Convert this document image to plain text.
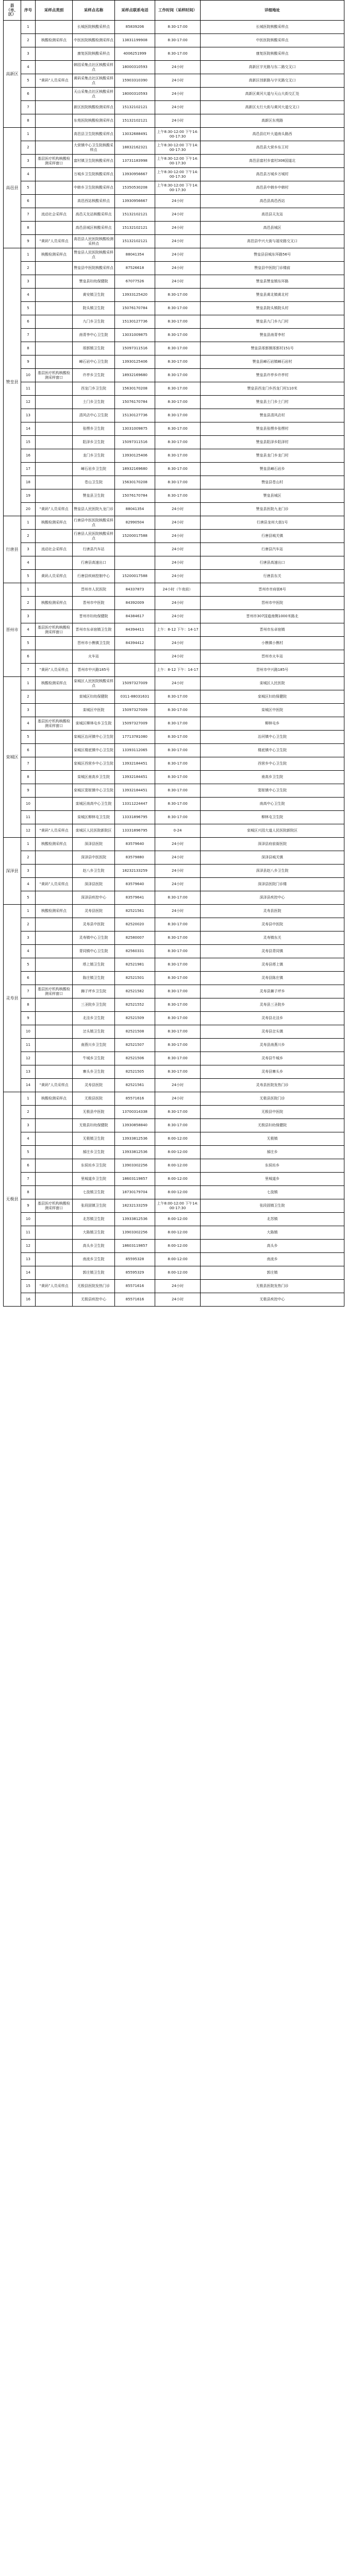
县（市、区）	序号	采样点类别	采样点名称	采样点联系电话	工作时间（采样时间）	详细地址
高新区	1		长城医院核酸采样点	85839206	8:30-17:00	长城医院核酸采样点
	2	核酸检测采样点	中医医院核酸检测采样点	13831199908	8:30-17:00	中医医院核酸采样点
	3		康复医院核酸采样点	4006251999	8:30-17:00	康复医院核酸采样点
	4		韩园采集点社区核酸采样点	18000310593	24小时	高新区宇光路与东二路交叉口
	5	“黄码”人员采样点	黄码采集点社区核酸采样点	15903310390	24小时	高新区创新路与宇光路交叉口
	6		天山采集点社区核酸采样点	18000310593	24小时	高新区黄河大道与天山大街交汇处
	7		新区医院核酸检测采样点	15132102121	24小时	高新区太行大街与黄河大道交叉口
	8		东苑医院核酸检测采样点	15132102121	24小时	高新区东苑路
高邑县	1		高邑县卫生院核酸采样点	13032688491	上午8:30-12:00 下午14:00-17:30	高邑县红叶大道南头路西
	2		大营镇中心卫生院核酸采样点	18832162321	上午8:30-12:00 下午14:00-17:30	高邑县大营乡东王村
	3	基层医疗机构核酸检测采样窗口	富村镇卫生院核酸采样点	13731183998	上午8:30-12:00 下午14:00-17:30	高邑县富村乡富村308国道北
	4		万城乡卫生院核酸采样点	13930956667	上午8:30-12:00 下午14:00-17:30	高邑县万城乡万城村
	5		中韩乡卫生院核酸采样点	15350530208	上午8:30-12:00 下午14:00-17:30	高邑县中韩乡中韩村
	6		高邑西站核酸采样点	13930956667	24小时	高邑县高邑西站
	7	流动社会采样点	高邑天友站核酸采样点	15132102121	24小时	高邑县天友站
	8		高邑县城区核酸采样点	15132102121	24小时	高邑县城区
	9	“黄码”人员采样点	高邑县人民医院核酸检测采样点	15132102121	24小时	高邑县中兴大街与福安路交叉口
赞皇县	1	核酸检测采样点	赞皇县人民医院核酸采样点	88041354	24小时	赞皇县县城东环路56号
	2		赞皇县中医院核酸采样点	87526618	24小时	赞皇县中医院门诊楼前
	3		赞皇县妇幼保健院	67077526	24小时	赞皇县赞皇镇东环路
	4		黄安镇卫生院	13933125420	8:30-17:00	赞皇县黄北镇黄北村
	5		院头镇卫生院	15076170784	8:30-17:00	赞皇县院头镇院头村
	6		九门乡卫生院	15130127736	8:30-17:00	赞皇县九门乡九门村
	7		南青李中心卫生院	13031009875	8:30-17:00	赞皇县南青李村
	8		邢郭镇卫生院	15097311516	8:30-17:00	赞皇县邢郭镇邢郭村151号
	9		嶂石岩中心卫生院	13930125406	8:30-17:00	赞皇县嶂石岩镇嶂石岩村
	10	基层医疗机构核酸检测采样窗口	许亭乡卫生院	18932169680	8:30-17:00	赞皇县许亭乡许亭村
	11		西龙门乡卫生院	15630170208	8:30-17:00	赞皇县西龙门乡西龙门村110米
	12		土门乡卫生院	15076170784	8:30-17:00	赞皇县土门乡土门村
	13		清风店中心卫生院	15130127736	8:30-17:00	赞皇县清风店村
	14		张楞乡卫生院	13031009875	8:30-17:00	赞皇县张楞乡张楞村
	15		阳泽乡卫生院	15097311516	8:30-17:00	赞皇县阳泽乡阳泽村
	16		龙门乡卫生院	13930125406	8:30-17:00	赞皇县龙门乡龙门村
	17		嶂石岩乡卫生院	18932169680	8:30-17:00	赞皇县嶂石岩乡
	18		苍山卫生院	15630170208	8:30-17:00	赞皇县苍山村
	19		赞皇县卫生院	15076170784	8:30-17:00	赞皇县城区
	20	“黄码”人员采样点	赞皇县人民医院九龙门诊	88041354	24小时	赞皇县医院九龙门诊
行唐县	1	核酸检测采样点	行唐县中医医院核酸采样点	82990504	24小时	行唐县龙州大街1号
	2		行唐县人民医院核酸采样点	15200017588	24小时	行唐县城关镇
	3	流动社会采样点	行唐县汽车站		24小时	行唐县汽车站
	4		行唐县高速出口		24小时	行唐县高速出口
	5	黄码人员采样点	行唐县疾病控制中心	15200017588	24小时	行唐县东关
晋州市	1		晋州市人民医院	84337873	24小时（午夜前）	晋州市市府街6号
	2	核酸检测采样点	晋州市中医院	84392009	24小时	晋州市中医院
	3		晋州市妇幼保健院	84384617	24小时	晋州市307国道南侧1000米路北
	4	基层医疗机构核酸检测采样窗口	晋州市东卓宿镇卫生院	84394411	上午：8-12 下午：14-17	晋州市东卓宿镇
	5		晋州市小樵镇卫生院	84394412	24小时	小樵镇小樵村
	6		火车站		24小时	晋州市火车站
	7	“黄码”人员采样点	晋州市中兴路185号		上午：8-12 下午：14-17	晋州市中兴路185号
栾城区	1	核酸检测采样点	栾城区人民医院核酸采样点	15097327009	24小时	栾城区人民医院
	2		栾城区妇幼保健院	0311-88031631	8:30-17:00	栾城区妇幼保健院
	3		栾城区中医院	15097327009	8:30-17:00	栾城区中医院
	4	基层医疗机构核酸检测采样窗口	栾城区柳林屯乡卫生院	15097327009	8:30-17:00	柳林屯乡
	5		栾城区冶河镇中心卫生院	17713781080	8:30-17:00	冶河镇中心卫生院
	6		栾城区楼底镇中心卫生院	13393112065	8:30-17:00	楼底镇中心卫生院
	7		栾城区西营乡中心卫生院	13932184451	8:30-17:00	西营乡中心卫生院
	8		栾城区南高乡卫生院	13932184451	8:30-17:00	南高乡卫生院
	9		栾城区窦妪镇中心卫生院	13932184451	8:30-17:00	窦妪镇中心卫生院
	10		栾城区南高中心卫生院	13311224447	8:30-17:00	南高中心卫生院
	11		栾城区柳林屯卫生院	13331896795	8:30-17:00	柳林屯卫生院
	12	“黄码”人员采样点	栾城区人民医院新院区	13331896795	0-24	栾城区兴园大道人民医院新院区
深泽县	1	核酸检测采样点	深泽县医院	83579640	24小时	深泽县府前街医院
	2		深泽县中医医院	83579880	24小时	深泽县城关镇
	3		赵八乡卫生院	18232133259	24小时	深泽县赵八乡卫生院
	4	“黄码”人员采样点	深泽县医院	83579640	24小时	深泽县医院门诊楼
	5		深泽县疾控中心	83579641	8:30-17:00	深泽县疾控中心
灵寿县	1	核酸检测采样点	灵寿县医院	82521561	24小时	灵寿县医院
	2		灵寿县中医院	82520020	8:30-17:00	灵寿县中医院
	3		灵寿镇中心卫生院	82580007	8:30-17:00	灵寿镇东关
	4		青同镇中心卫生院	82560331	8:30-17:00	灵寿县青同镇
	5		塔上镇卫生院	82521981	8:30-17:00	灵寿县塔上镇
	6		陈庄镇卫生院	82521501	8:30-17:00	灵寿县陈庄镇
	7	基层医疗机构核酸检测采样窗口	狮子坪乡卫生院	82521582	8:30-17:00	灵寿县狮子坪乡
	8		三圣院乡卫生院	82521552	8:30-17:00	灵寿县三圣院乡
	9		北洼乡卫生院	82521509	8:30-17:00	灵寿县北洼乡
	10		岔头镇卫生院	82521508	8:30-17:00	灵寿县岔头镇
	11		南燕川乡卫生院	82521507	8:30-17:00	灵寿县南燕川乡
	12		牛城乡卫生院	82521506	8:30-17:00	灵寿县牛城乡
	13		寨头乡卫生院	82521505	8:30-17:00	灵寿县寨头乡
	14	“黄码”人员采样点	灵寿县医院	82521561	24小时	灵寿县医院发热门诊
无极县	1	核酸检测采样点	无极县医院	85571616	24小时	无极县医院门诊
	2		无极县中医院	13700314338	8:30-17:00	无极县中医院
	3		无极县妇幼保健院	13930858840	8:30-17:00	无极县妇幼保健院
	4		无极镇卫生院	13933812536	8:00-12:00	无极镇
	5		郝庄乡卫生院	13933812536	8:00-12:00	郝庄乡
	6		东侯坊乡卫生院	13903302256	8:00-12:00	东侯坊乡
	7		里城道乡卫生院	18603119857	8:00-12:00	里城道乡
	8		七汲镇卫生院	18730179704	8:00-12:00	七汲镇
	9	基层医疗机构核酸检测采样窗口	张段固镇卫生院	18232133259	上午8:00-12:00 下午14:00-17:30	张段固镇卫生院
	10		北苏镇卫生院	13933812536	8:00-12:00	北苏镇
	11		大陈镇卫生院	13903302256	8:00-12:00	大陈镇
	12		高头乡卫生院	18603119857	8:00-12:00	高头乡
	13		南流乡卫生院	85595328	8:00-12:00	南流乡
	14		郭庄镇卫生院	85595329	8:00-12:00	郭庄镇
	15	“黄码”人员采样点	无极县医院发热门诊	85571616	24小时	无极县医院发热门诊
	16		无极县疾控中心	85571616	24小时	无极县疾控中心
